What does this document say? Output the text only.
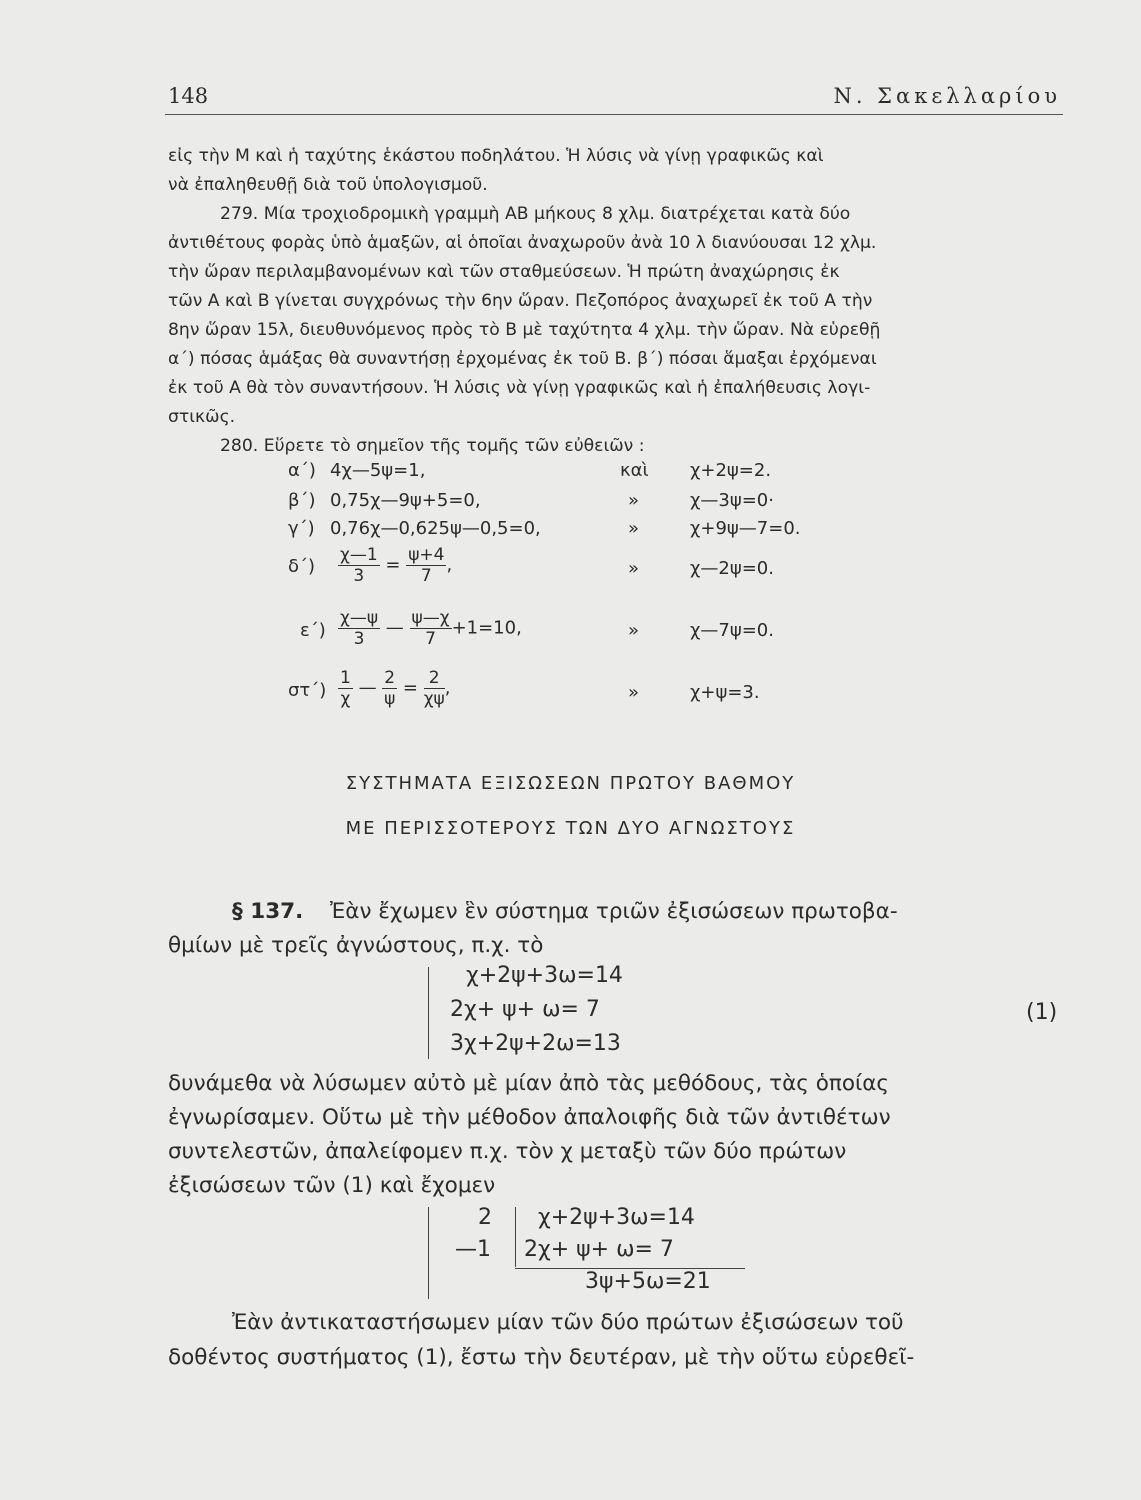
148	Ν. Σακελλαρίου
εἰς τὴν Μ καὶ ἡ ταχύτης ἑκάστου ποδηλάτου. Ἡ λύσις νὰ γίνῃ γραφικῶς καὶ
νὰ ἐπαληθευθῇ διὰ τοῦ ὑπολογισμοῦ.
279. Μία τροχιοδρομικὴ γραμμὴ ΑΒ μήκους 8 χλμ. διατρέχεται κατὰ δύο
ἀντιθέτους φορὰς ὑπὸ ἁμαξῶν, αἱ ὁποῖαι ἀναχωροῦν ἀνὰ 10 λ διανύουσαι 12 χλμ.
τὴν ὥραν περιλαμβανομένων καὶ τῶν σταθμεύσεων. Ἡ πρώτη ἀναχώρησις ἐκ
τῶν Α καὶ Β γίνεται συγχρόνως τὴν 6ην ὥραν. Πεζοπόρος ἀναχωρεῖ ἐκ τοῦ Α τὴν
8ην ὥραν 15λ, διευθυνόμενος πρὸς τὸ Β μὲ ταχύτητα 4 χλμ. τὴν ὥραν. Νὰ εὑρεθῇ
α΄) πόσας ἁμάξας θὰ συναντήσῃ ἐρχομένας ἐκ τοῦ Β. β΄) πόσαι ἅμαξαι ἐρχόμεναι
ἐκ τοῦ Α θὰ τὸν συναντήσουν. Ἡ λύσις νὰ γίνῃ γραφικῶς καὶ ἡ ἐπαλήθευσις λογι-
στικῶς.
280. Εὕρετε τὸ σημεῖον τῆς τομῆς τῶν εὐθειῶν :
α΄) 4χ—5ψ=1,	καὶ χ+2ψ=2.
β΄) 0,75χ—9ψ+5=0,	»	χ—3ψ=0·
γ΄) 0,76χ—0,625ψ—0,5=0,	»	χ+9ψ—7=0.
$\delta΄) \frac{\chi—1}{3} = \frac{\psi+4}{7}$ ,	»	χ—2ψ=0.
$\varepsilon΄) \frac{\chi—\psi}{3}$ — $\frac{\psi—\chi}{7} +1=10$,	»	χ—7ψ=0.
$\sigma\tau΄) \frac{1}{\chi}$ — $\frac{2}{\psi} = \frac{2}{\chi\psi}$ ,	»	χ+ψ=3.
ΣΥΣΤΗΜΑΤΑ ΕΞΙΣΩΣΕΩΝ ΠΡΩΤΟΥ ΒΑΘΜΟΥ
ΜΕ ΠΕΡΙΣΣΟΤΕΡΟΥΣ ΤΩΝ ΔΥΟ ΑΓΝΩΣΤΟΥΣ
§ 137. Ἐὰν ἔχωμεν ἓν σύστημα τριῶν ἐξισώσεων πρωτοβα-
θμίων μὲ τρεῖς ἀγνώστους, π.χ. τὸ
χ+2ψ+3ω=14
2χ+ ψ+ ω= 7
3χ+2ψ+2ω=13
(1)
δυνάμεθα νὰ λύσωμεν αὐτὸ μὲ μίαν ἀπὸ τὰς μεθόδους, τὰς ὁποίας
ἐγνωρίσαμεν. Οὕτω μὲ τὴν μέθοδον ἀπαλοιφῆς διὰ τῶν ἀντιθέτων
συντελεστῶν, ἀπαλείφομεν π.χ. τὸν χ μεταξὺ τῶν δύο πρώτων
ἐξισώσεων τῶν (1) καὶ ἔχομεν
2
—1
χ+2ψ+3ω=14
2χ+ ψ+ ω= 7
3ψ+5ω=21
Ἐὰν ἀντικαταστήσωμεν μίαν τῶν δύο πρώτων ἐξισώσεων τοῦ
δοθέντος συστήματος (1), ἔστω τὴν δευτέραν, μὲ τὴν οὕτω εὑρεθεῖ-
